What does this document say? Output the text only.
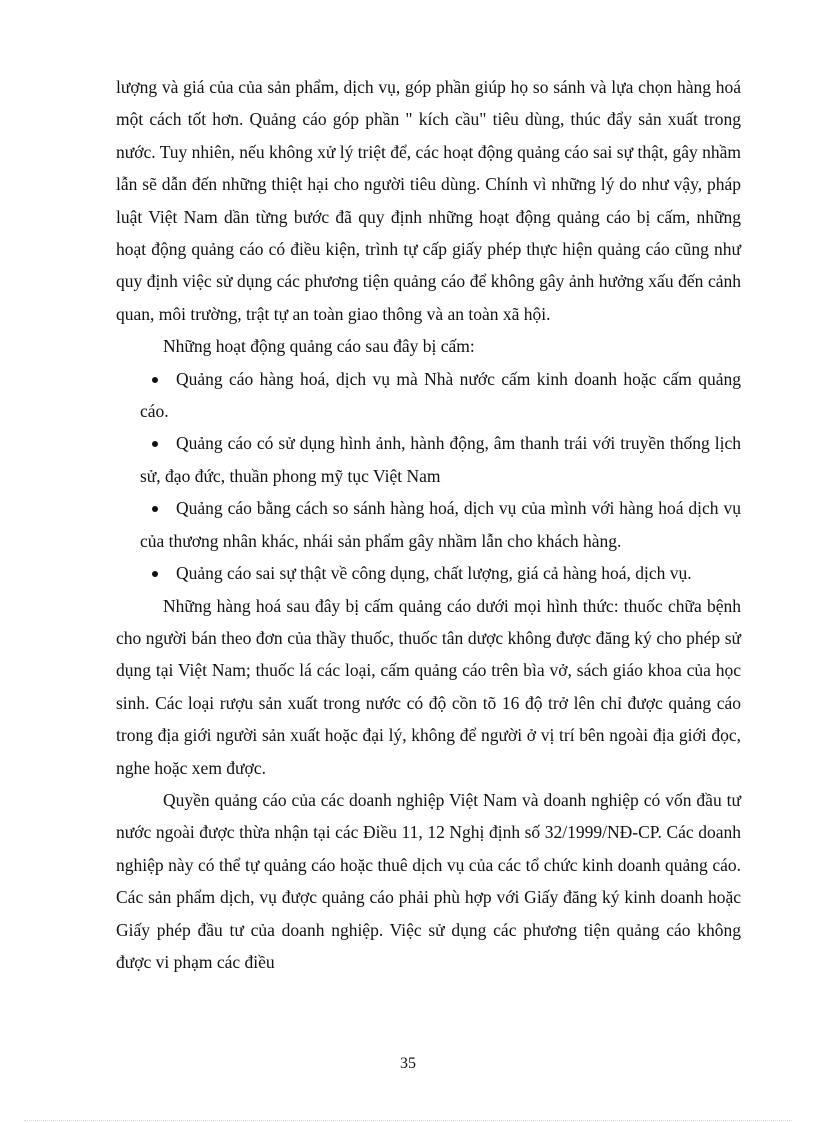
lượng và giá của của sản phẩm, dịch vụ, góp phần giúp họ so sánh và lựa chọn hàng hoá một cách tốt hơn. Quảng cáo góp phần " kích cầu" tiêu dùng, thúc đẩy sản xuất trong nước. Tuy nhiên, nếu không xử lý triệt để, các hoạt động quảng cáo sai sự thật, gây nhầm lẫn sẽ dẫn đến những thiệt hại cho người tiêu dùng. Chính vì những lý do như vậy, pháp luật Việt Nam dần từng bước đã quy định những hoạt động quảng cáo bị cấm, những hoạt động quảng cáo có điều kiện, trình tự cấp giấy phép thực hiện quảng cáo cũng như quy định việc sử dụng các phương tiện quảng cáo để không gây ảnh hưởng xấu đến cảnh quan, môi trường, trật tự an toàn giao thông và an toàn xã hội.

Những hoạt động quảng cáo sau đây bị cấm:

Quảng cáo hàng hoá, dịch vụ mà Nhà nước cấm kinh doanh hoặc cấm quảng cáo.
Quảng cáo có sử dụng hình ảnh, hành động, âm thanh trái với truyền thống lịch sử, đạo đức, thuần phong mỹ tục Việt Nam
Quảng cáo bằng cách so sánh hàng hoá, dịch vụ của mình với hàng hoá dịch vụ của thương nhân khác, nhái sản phẩm gây nhầm lẫn cho khách hàng.
Quảng cáo sai sự thật về công dụng, chất lượng, giá cả hàng hoá, dịch vụ.

Những hàng hoá sau đây bị cấm quảng cáo dưới mọi hình thức: thuốc chữa bệnh cho người bán theo đơn của thầy thuốc, thuốc tân dược không được đăng ký cho phép sử dụng tại Việt Nam; thuốc lá các loại, cấm quảng cáo trên bìa vở, sách giáo khoa của học sinh. Các loại rượu sản xuất trong nước có độ cồn tõ 16 độ trở lên chỉ được quảng cáo trong địa giới người sản xuất hoặc đại lý, không để người ở vị trí bên ngoài địa giới đọc, nghe hoặc xem được.

Quyền quảng cáo của các doanh nghiệp Việt Nam và doanh nghiệp có vốn đầu tư nước ngoài được thừa nhận tại các Điều 11, 12 Nghị định số 32/1999/NĐ-CP. Các doanh nghiệp này có thể tự quảng cáo hoặc thuê dịch vụ của các tổ chức kinh doanh quảng cáo. Các sản phẩm dịch, vụ được quảng cáo phải phù hợp với Giấy đăng ký kinh doanh hoặc Giấy phép đầu tư của doanh nghiệp. Việc sử dụng các phương tiện quảng cáo không được vi phạm các điều

35
